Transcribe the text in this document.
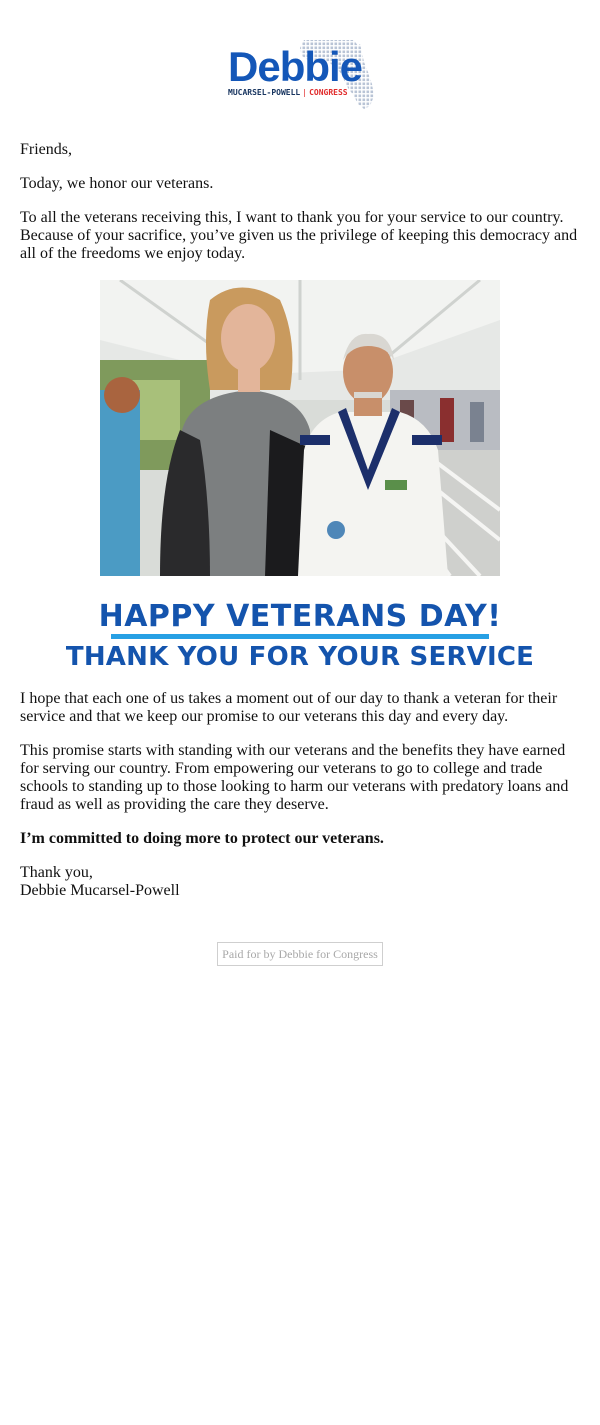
Debbie
MUCARSEL-POWELL | CONGRESS

Friends,

Today, we honor our veterans.

To all the veterans receiving this, I want to thank you for your service to our country. Because of your sacrifice, you’ve given us the privilege of keeping this democracy and all of the freedoms we enjoy today.

HAPPY VETERANS DAY!
THANK YOU FOR YOUR SERVICE

I hope that each one of us takes a moment out of our day to thank a veteran for their service and that we keep our promise to our veterans this day and every day.

This promise starts with standing with our veterans and the benefits they have earned for serving our country. From empowering our veterans to go to college and trade schools to standing up to those looking to harm our veterans with predatory loans and fraud as well as providing the care they deserve.

I’m committed to doing more to protect our veterans.

Thank you,

Debbie Mucarsel-Powell

Paid for by Debbie for Congress
